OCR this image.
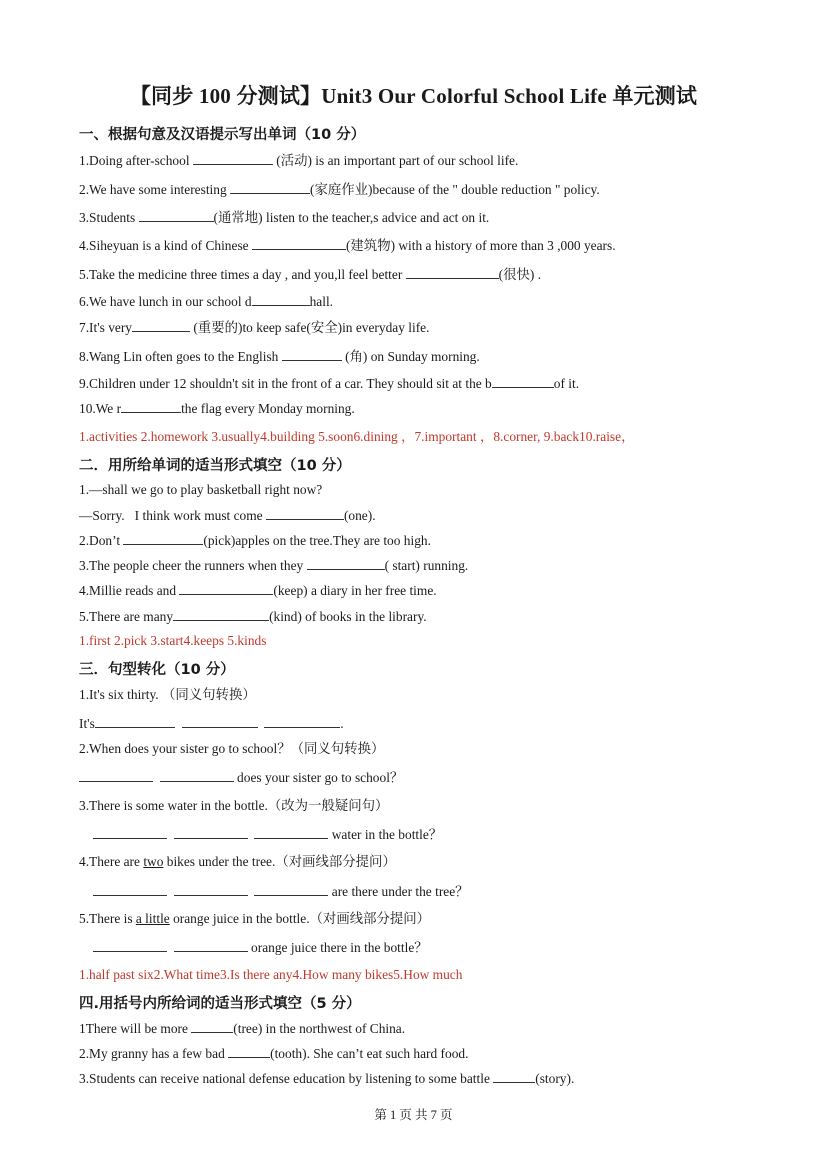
【同步 100 分测试】Unit3 Our Colorful School Life 单元测试
一、根据句意及汉语提示写出单词（10 分）
1.Doing after-school	(活动) is an important part of our school life.
2.We have some interesting	(家庭作业)because of the " double reduction " policy.
3.Students	(通常地) listen to the teacher,s advice and act on it.
4.Siheyuan is a kind of Chinese	(建筑物) with a history of more than 3 ,000 years.
5.Take the medicine three times a day , and you,ll feel better	(很快) .
6.We have lunch in our school d	hall.
7.It's very	(重要的)to keep safe(安全)in everyday life.
8.Wang Lin often goes to the English	(角) on Sunday morning.
9.Children under 12 shouldn't sit in the front of a car. They should sit at the b	of it.
10.We r	the flag every Monday morning.
1.activities 2.homework 3.usually4.building 5.soon6.dining ，7.important ，8.corner, 9.back10.raise，
二．用所给单词的适当形式填空（10 分）
1.—shall we go to play basketball right now?
—Sorry.   I think work must come	(one).
2.Don’t	(pick)apples on the tree.They are too high.
3.The people cheer the runners when they	( start) running.
4.Millie reads and	(keep) a diary in her free time.
5.There are many	(kind) of books in the library.
1.first 2.pick 3.start4.keeps 5.kinds
三．句型转化（10 分）
1.It's six thirty. （同义句转换）
It's	.
2.When does your sister go to school？（同义句转换）
does your sister go to school？
3.There is some water in the bottle.（改为一般疑问句）
water in the bottle？
4.There are two bikes under the tree.（对画线部分提问）
are there under the tree？
5.There is a little orange juice in the bottle.（对画线部分提问）
orange juice there in the bottle？
1.half past six2.What time3.Is there any4.How many bikes5.How much
四.用括号内所给词的适当形式填空（5 分）
1There will be more	(tree) in the northwest of China.
2.My granny has a few bad	(tooth). She can’t eat such hard food.
3.Students can receive national defense education by listening to some battle	(story).
第 1 页 共 7 页
